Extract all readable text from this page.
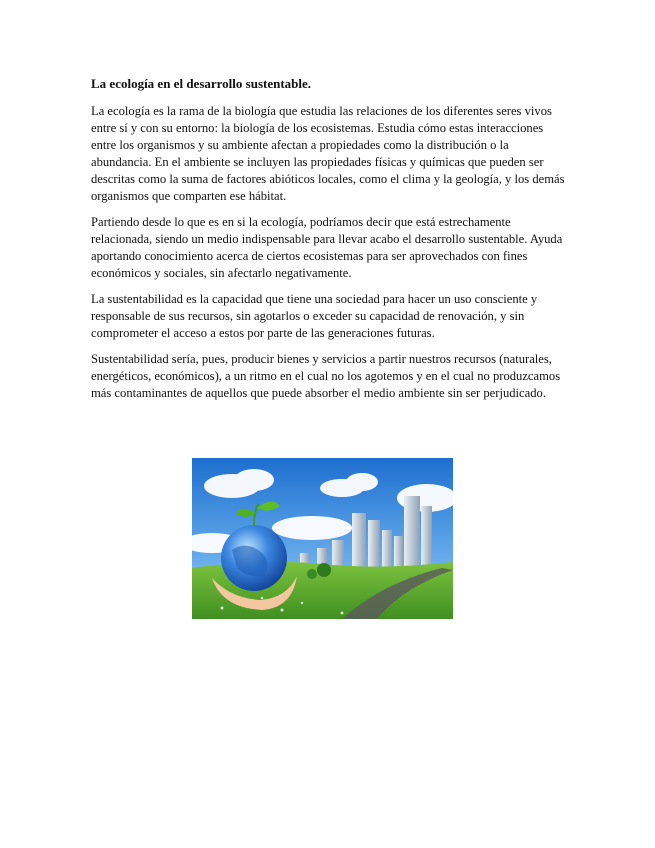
La ecología en el desarrollo sustentable.

La ecología es la rama de la biología que estudia las relaciones de los diferentes seres vivos entre sí y con su entorno: la biología de los ecosistemas. Estudia cómo estas interacciones entre los organismos y su ambiente afectan a propiedades como la distribución o la abundancia. En el ambiente se incluyen las propiedades físicas y químicas que pueden ser descritas como la suma de factores abióticos locales, como el clima y la geología, y los demás organismos que comparten ese hábitat.

Partiendo desde lo que es en si la ecología, podríamos decir que está estrechamente relacionada, siendo un medio indispensable para llevar acabo el desarrollo sustentable. Ayuda aportando conocimiento acerca de ciertos ecosistemas para ser aprovechados con fines económicos y sociales, sin afectarlo negativamente.

La sustentabilidad es la capacidad que tiene una sociedad para hacer un uso consciente y responsable de sus recursos, sin agotarlos o exceder su capacidad de renovación, y sin comprometer el acceso a estos por parte de las generaciones futuras.

Sustentabilidad sería, pues, producir bienes y servicios a partir nuestros recursos (naturales, energéticos, económicos), a un ritmo en el cual no los agotemos y en el cual no produzcamos más contaminantes de aquellos que puede absorber el medio ambiente sin ser perjudicado.
